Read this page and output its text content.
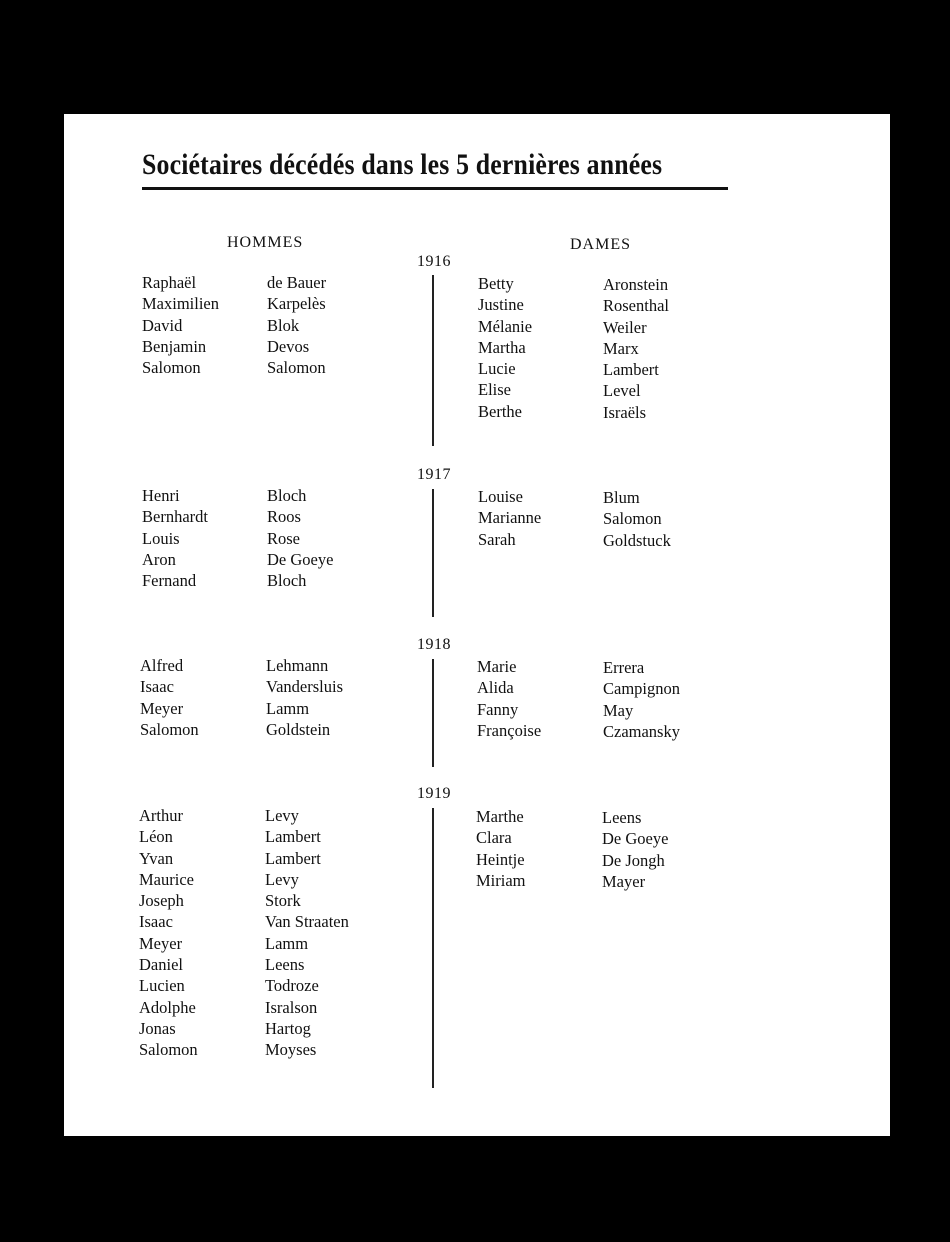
Sociétaires décédés dans les 5 dernières années
HOMMES	DAMES
1916
Raphaël
Maximilien
David
Benjamin
Salomon
de Bauer
Karpelès
Blok
Devos
Salomon
Betty
Justine
Mélanie
Martha
Lucie
Elise
Berthe
Aronstein
Rosenthal
Weiler
Marx
Lambert
Level
Israëls
1917
Henri
Bernhardt
Louis
Aron
Fernand
Bloch
Roos
Rose
De Goeye
Bloch
Louise
Marianne
Sarah
Blum
Salomon
Goldstuck
1918
Alfred
Isaac
Meyer
Salomon
Lehmann
Vandersluis
Lamm
Goldstein
Marie
Alida
Fanny
Françoise
Errera
Campignon
May
Czamansky
1919
Arthur
Léon
Yvan
Maurice
Joseph
Isaac
Meyer
Daniel
Lucien
Adolphe
Jonas
Salomon
Levy
Lambert
Lambert
Levy
Stork
Van Straaten
Lamm
Leens
Todroze
Isralson
Hartog
Moyses
Marthe
Clara
Heintje
Miriam
Leens
De Goeye
De Jongh
Mayer
